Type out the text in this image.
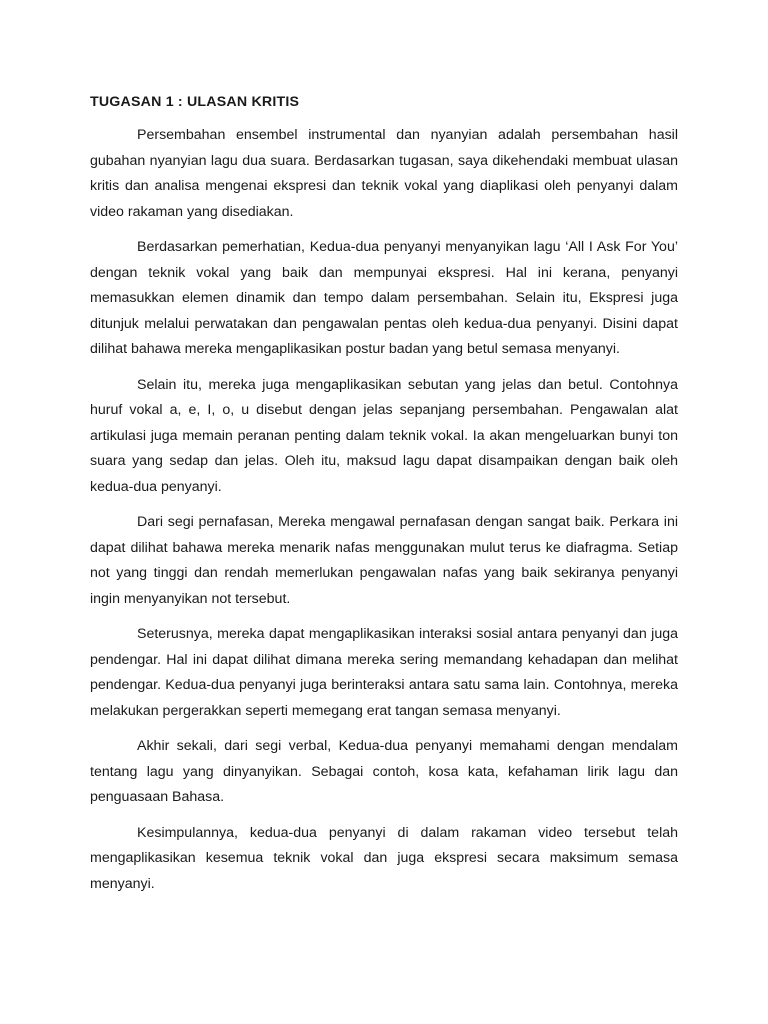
TUGASAN 1 : ULASAN KRITIS

Persembahan ensembel instrumental dan nyanyian adalah persembahan hasil gubahan nyanyian lagu dua suara. Berdasarkan tugasan, saya dikehendaki membuat ulasan kritis dan analisa mengenai ekspresi dan teknik vokal yang diaplikasi oleh penyanyi dalam video rakaman yang disediakan.

Berdasarkan pemerhatian, Kedua-dua penyanyi menyanyikan lagu ‘All I Ask For You’ dengan teknik vokal yang baik dan mempunyai ekspresi. Hal ini kerana, penyanyi memasukkan elemen dinamik dan tempo dalam persembahan. Selain itu, Ekspresi juga ditunjuk melalui perwatakan dan pengawalan pentas oleh kedua-dua penyanyi. Disini dapat dilihat bahawa mereka mengaplikasikan postur badan yang betul semasa menyanyi.

Selain itu, mereka juga mengaplikasikan sebutan yang jelas dan betul. Contohnya huruf vokal a, e, I, o, u disebut dengan jelas sepanjang persembahan. Pengawalan alat artikulasi juga memain peranan penting dalam teknik vokal. Ia akan mengeluarkan bunyi ton suara yang sedap dan jelas. Oleh itu, maksud lagu dapat disampaikan dengan baik oleh kedua-dua penyanyi.

Dari segi pernafasan, Mereka mengawal pernafasan dengan sangat baik. Perkara ini dapat dilihat bahawa mereka menarik nafas menggunakan mulut terus ke diafragma. Setiap not yang tinggi dan rendah memerlukan pengawalan nafas yang baik sekiranya penyanyi ingin menyanyikan not tersebut.

Seterusnya, mereka dapat mengaplikasikan interaksi sosial antara penyanyi dan juga pendengar. Hal ini dapat dilihat dimana mereka sering memandang kehadapan dan melihat pendengar. Kedua-dua penyanyi juga berinteraksi antara satu sama lain. Contohnya, mereka melakukan pergerakkan seperti memegang erat tangan semasa menyanyi.

Akhir sekali, dari segi verbal, Kedua-dua penyanyi memahami dengan mendalam tentang lagu yang dinyanyikan. Sebagai contoh, kosa kata, kefahaman lirik lagu dan penguasaan Bahasa.

Kesimpulannya, kedua-dua penyanyi di dalam rakaman video tersebut telah mengaplikasikan kesemua teknik vokal dan juga ekspresi secara maksimum semasa menyanyi.
